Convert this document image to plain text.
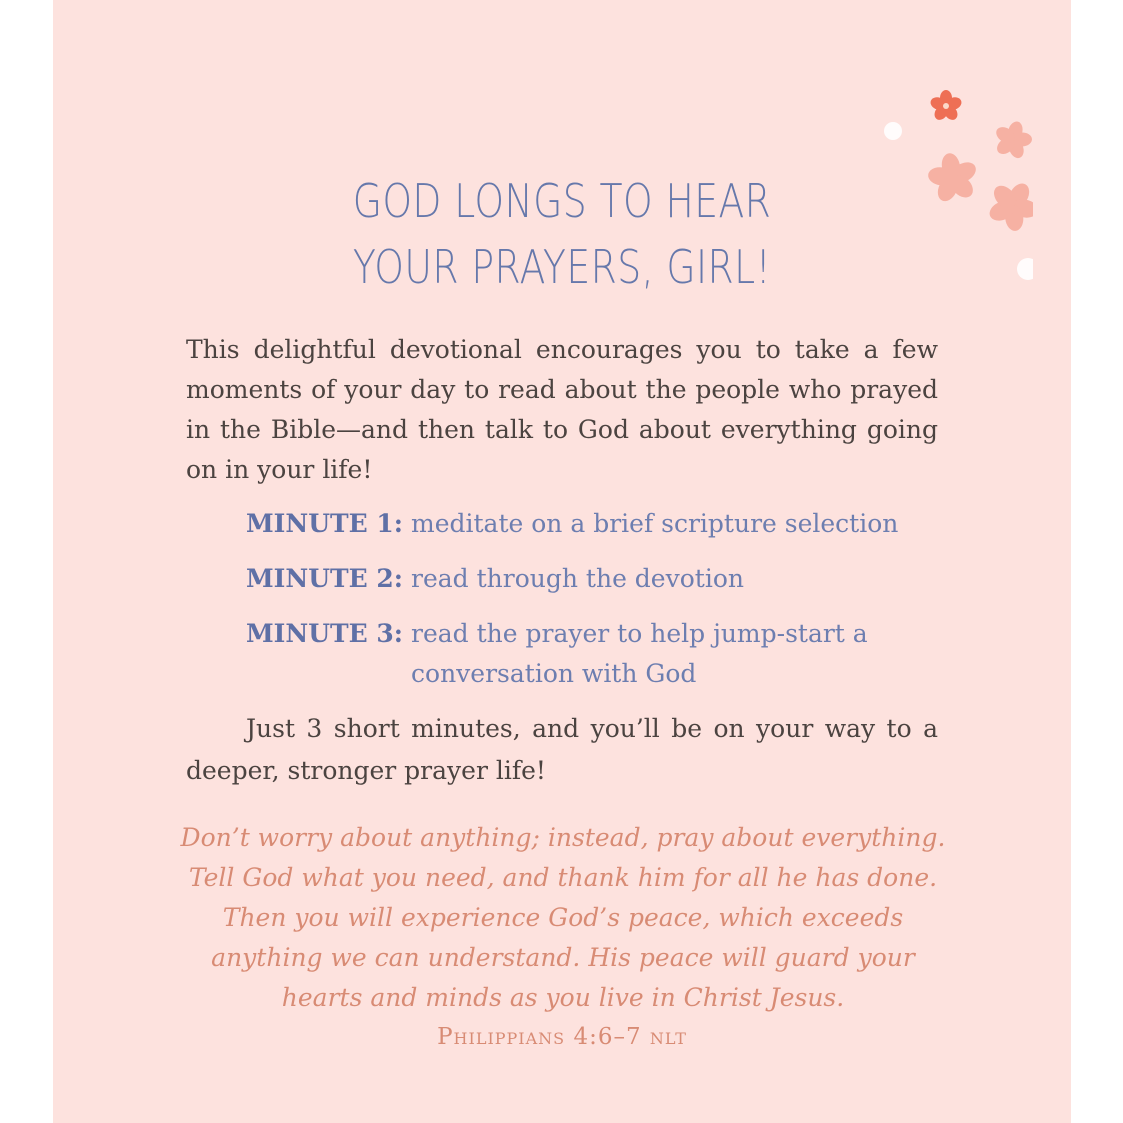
GOD LONGS TO HEAR
YOUR PRAYERS, GIRL!

This delightful devotional encourages you to take a few moments of your day to read about the people who prayed in the Bible—and then talk to God about everything going on in your life!

MINUTE 1: meditate on a brief scripture selection
MINUTE 2: read through the devotion
MINUTE 3: read the prayer to help jump-start a conversation with God

Just 3 short minutes, and you’ll be on your way to a deeper, stronger prayer life!

Don’t worry about anything; instead, pray about everything. Tell God what you need, and thank him for all he has done. Then you will experience God’s peace, which exceeds anything we can understand. His peace will guard your hearts and minds as you live in Christ Jesus.

Philippians 4:6–7 nlt
